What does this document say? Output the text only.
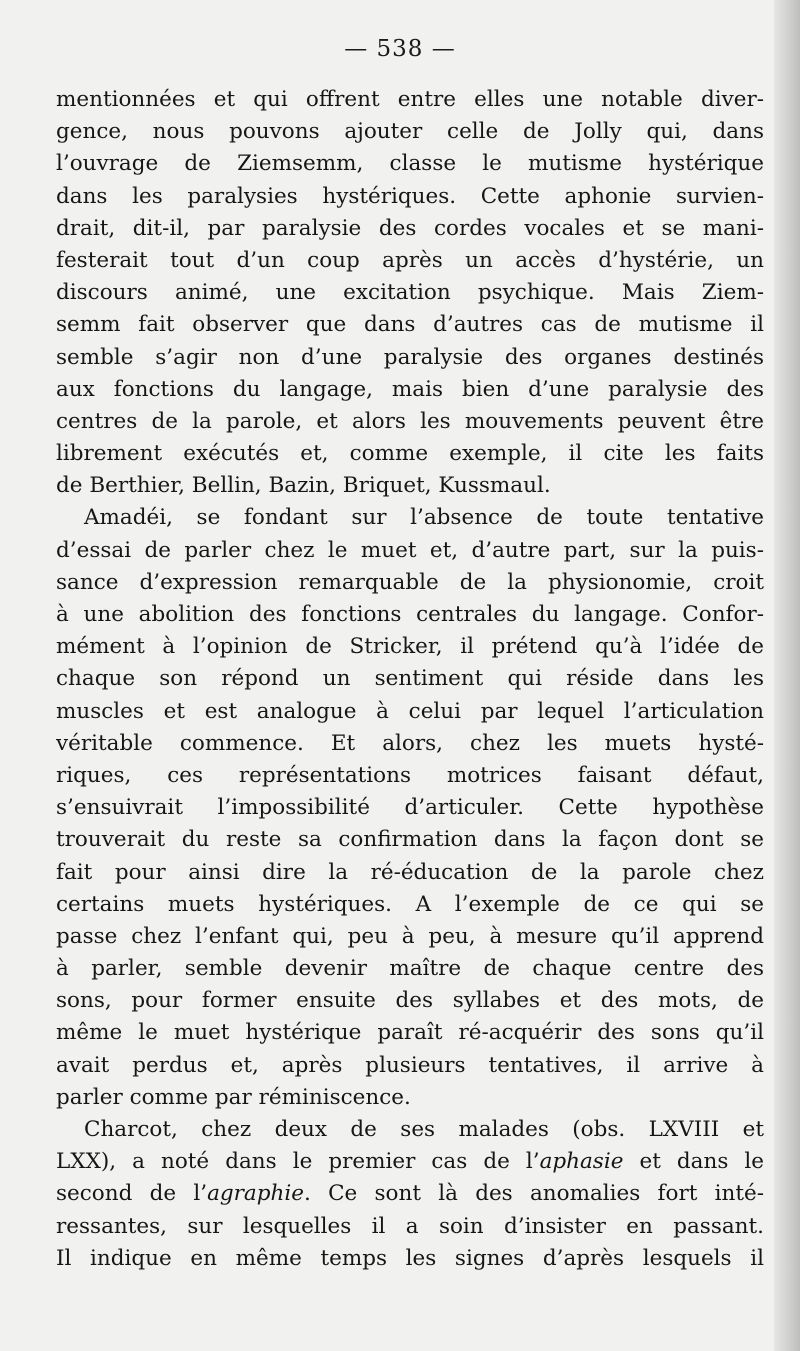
— 538 —

mentionnées et qui offrent entre elles une notable diver-
gence, nous pouvons ajouter celle de Jolly qui, dans
l’ouvrage de Ziemsemm, classe le mutisme hystérique
dans les paralysies hystériques. Cette aphonie survien-
drait, dit-il, par paralysie des cordes vocales et se mani-
festerait tout d’un coup après un accès d’hystérie, un
discours animé, une excitation psychique. Mais Ziem-
semm fait observer que dans d’autres cas de mutisme il
semble s’agir non d’une paralysie des organes destinés
aux fonctions du langage, mais bien d’une paralysie des
centres de la parole, et alors les mouvements peuvent être
librement exécutés et, comme exemple, il cite les faits
de Berthier, Bellin, Bazin, Briquet, Kussmaul.

Amadéi, se fondant sur l’absence de toute tentative
d’essai de parler chez le muet et, d’autre part, sur la puis-
sance d’expression remarquable de la physionomie, croit
à une abolition des fonctions centrales du langage. Confor-
mément à l’opinion de Stricker, il prétend qu’à l’idée de
chaque son répond un sentiment qui réside dans les
muscles et est analogue à celui par lequel l’articulation
véritable commence. Et alors, chez les muets hysté-
riques, ces représentations motrices faisant défaut,
s’ensuivrait l’impossibilité d’articuler. Cette hypothèse
trouverait du reste sa confirmation dans la façon dont se
fait pour ainsi dire la ré-éducation de la parole chez
certains muets hystériques. A l’exemple de ce qui se
passe chez l’enfant qui, peu à peu, à mesure qu’il apprend
à parler, semble devenir maître de chaque centre des
sons, pour former ensuite des syllabes et des mots, de
même le muet hystérique paraît ré-acquérir des sons qu’il
avait perdus et, après plusieurs tentatives, il arrive à
parler comme par réminiscence.

Charcot, chez deux de ses malades (obs. LXVIII et
LXX), a noté dans le premier cas de l’aphasie et dans le
second de l’agraphie. Ce sont là des anomalies fort inté-
ressantes, sur lesquelles il a soin d’insister en passant.
Il indique en même temps les signes d’après lesquels il
